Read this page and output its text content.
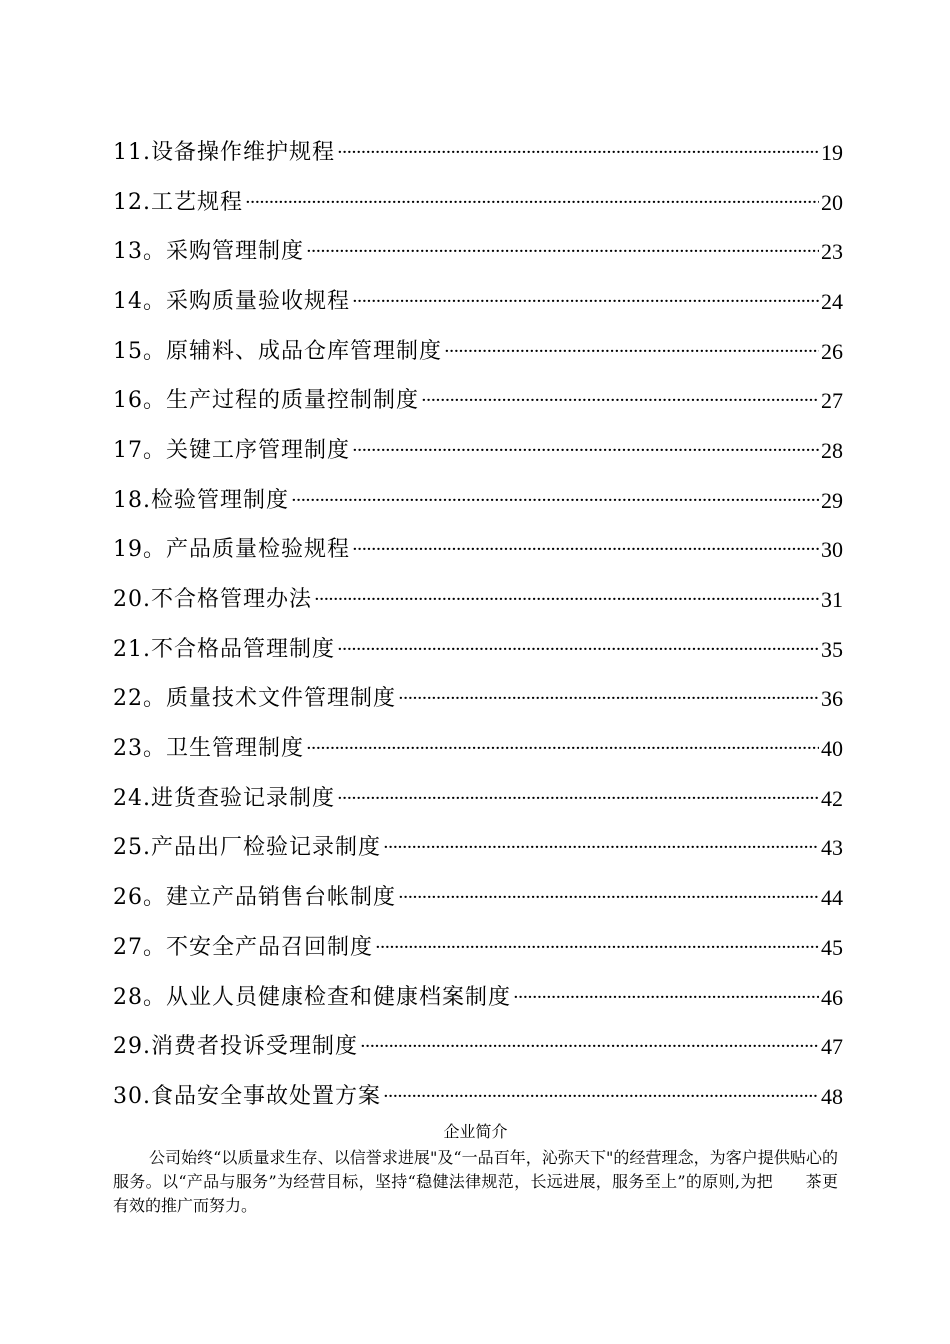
11.设备操作维护规程 ·····	19
12.工艺规程 ·····	20
13。采购管理制度 ·····	23
14。采购质量验收规程 ·····	24
15。原辅料、成品仓库管理制度 ·····	26
16。生产过程的质量控制制度 ·····	27
17。关键工序管理制度 ·····	28
18.检验管理制度 ·····	29
19。产品质量检验规程 ·····	30
20.不合格管理办法 ·····	31
21.不合格品管理制度 ·····	35
22。质量技术文件管理制度 ·····	36
23。卫生管理制度 ·····	40
24.进货查验记录制度 ·····	42
25.产品出厂检验记录制度 ·····	43
26。建立产品销售台帐制度 ·····	44
27。不安全产品召回制度 ·····	45
28。从业人员健康检查和健康档案制度 ·····	46
29.消费者投诉受理制度 ·····	47
30.食品安全事故处置方案 ·····	48

企业简介

公司始终“以质量求生存、以信誉求进展"及“一品百年，沁弥天下"的经营理念，为客户提供贴心的服务。以“产品与服务”为经营目标，坚持“稳健法律规范，长远进展，服务至上”的原则,为把　　茶更有效的推广而努力。
